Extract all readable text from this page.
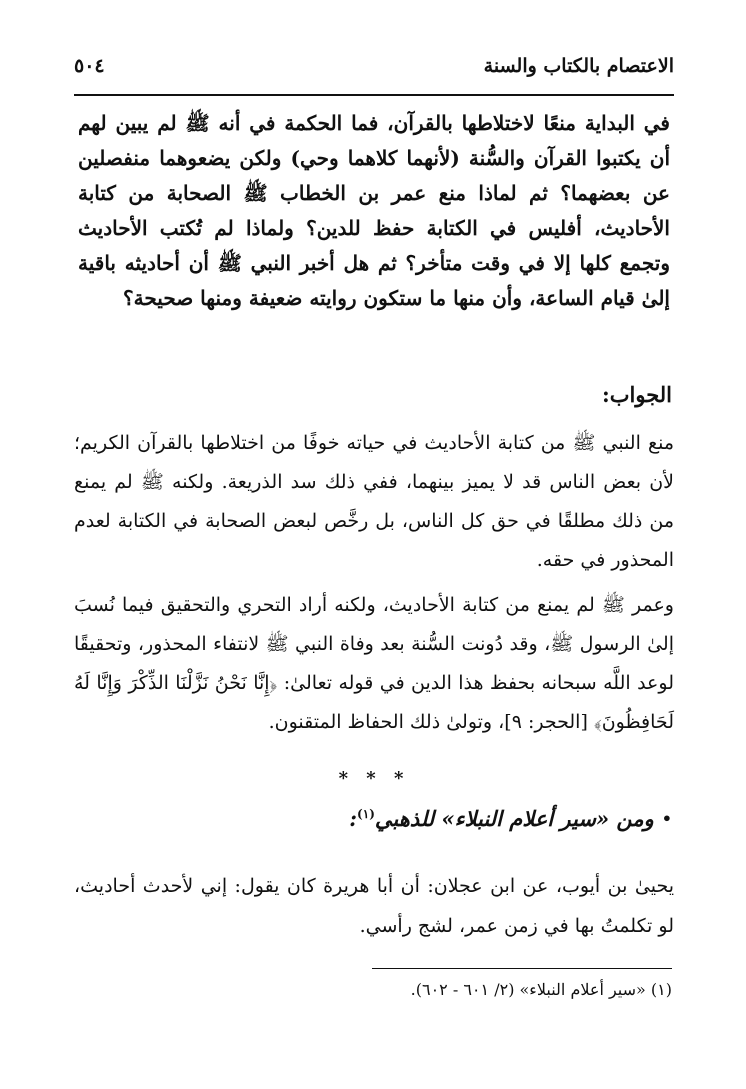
الاعتصام بالكتاب والسنة
٥٠٤

في البداية منعًا لاختلاطها بالقرآن، فما الحكمة في أنه ﷺ لم يبين لهم أن يكتبوا القرآن والسُّنة (لأنهما كلاهما وحي) ولكن يضعوهما منفصلين عن بعضهما؟ ثم لماذا منع عمر بن الخطاب ﷺ الصحابة من كتابة الأحاديث، أفليس في الكتابة حفظ للدين؟ ولماذا لم تُكتب الأحاديث وتجمع كلها إلا في وقت متأخر؟ ثم هل أخبر النبي ﷺ أن أحاديثه باقية إلىٰ قيام الساعة، وأن منها ما ستكون روايته ضعيفة ومنها صحيحة؟

الجواب:

منع النبي ﷺ من كتابة الأحاديث في حياته خوفًا من اختلاطها بالقرآن الكريم؛ لأن بعض الناس قد لا يميز بينهما، ففي ذلك سد الذريعة. ولكنه ﷺ لم يمنع من ذلك مطلقًا في حق كل الناس، بل رخَّص لبعض الصحابة في الكتابة لعدم المحذور في حقه.

وعمر ﷺ لم يمنع من كتابة الأحاديث، ولكنه أراد التحري والتحقيق فيما نُسبَ إلىٰ الرسول ﷺ، وقد دُونت السُّنة بعد وفاة النبي ﷺ لانتفاء المحذور، وتحقيقًا لوعد اللَّه سبحانه بحفظ هذا الدين في قوله تعالىٰ: ﴿إِنَّا نَحْنُ نَزَّلْنَا الذِّكْرَ وَإِنَّا لَهُ لَحَافِظُونَ﴾ [الحجر: ٩]، وتولىٰ ذلك الحفاظ المتقنون.

* * *
•
ومن «سير أعلام النبلاء» للذهبي$^{(١)}$:

يحيىٰ بن أيوب، عن ابن عجلان: أن أبا هريرة كان يقول: إني لأحدث أحاديث، لو تكلمتُ بها في زمن عمر، لشج رأسي.

(١) «سير أعلام النبلاء» (٢/ ٦٠١ - ٦٠٢).
